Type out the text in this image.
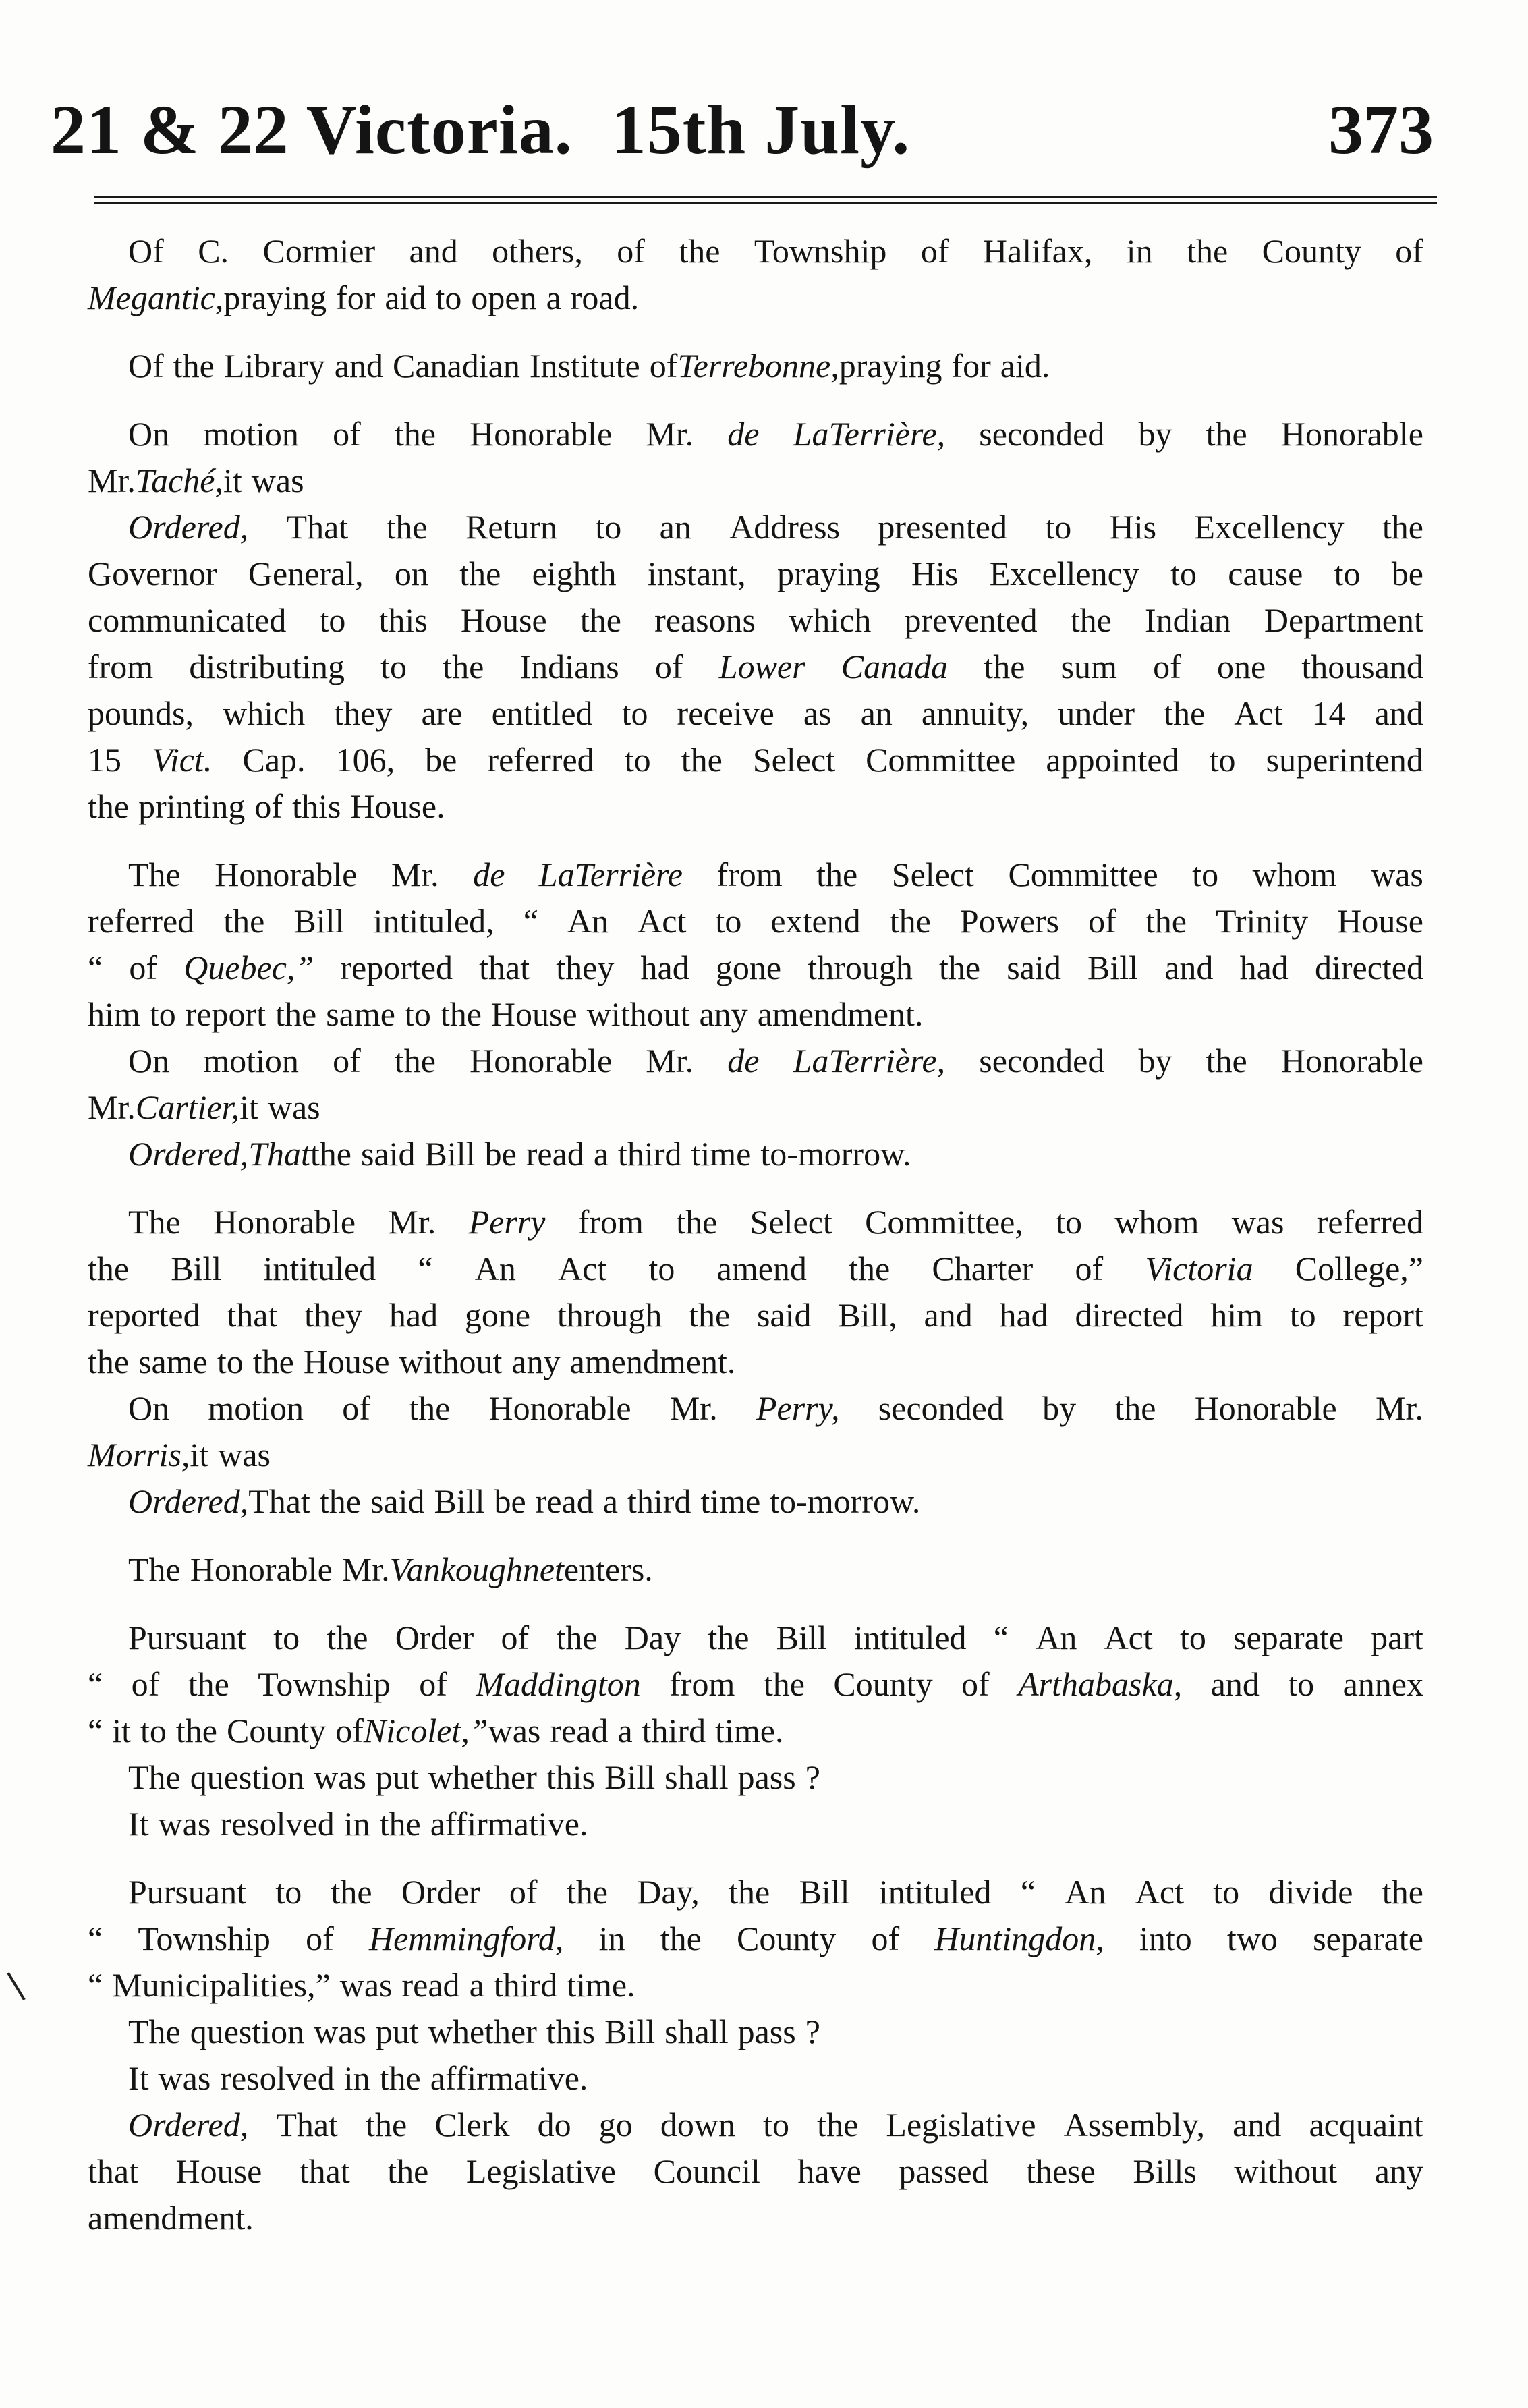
21 & 22 Victoria. 15th July.	373
Of C. Cormier and others, of the Township of Halifax, in the County of
Megantic, praying for aid to open a road.
Of the Library and Canadian Institute of Terrebonne, praying for aid.
On motion of the Honorable Mr. de LaTerrière, seconded by the Honorable
Mr. Taché, it was
Ordered, That the Return to an Address presented to His Excellency the
Governor General, on the eighth instant, praying His Excellency to cause to be
communicated to this House the reasons which prevented the Indian Department
from distributing to the Indians of Lower Canada the sum of one thousand
pounds, which they are entitled to receive as an annuity, under the Act 14 and
15 Vict. Cap. 106, be referred to the Select Committee appointed to superintend
the printing of this House.
The Honorable Mr. de LaTerrière from the Select Committee to whom was
referred the Bill intituled, “ An Act to extend the Powers of the Trinity House
“ of Quebec,” reported that they had gone through the said Bill and had directed
him to report the same to the House without any amendment.
On motion of the Honorable Mr. de LaTerrière, seconded by the Honorable
Mr. Cartier, it was
Ordered,That the said Bill be read a third time to-morrow.
The Honorable Mr. Perry from the Select Committee, to whom was referred
the Bill intituled “ An Act to amend the Charter of Victoria College,”
reported that they had gone through the said Bill, and had directed him to report
the same to the House without any amendment.
On motion of the Honorable Mr. Perry, seconded by the Honorable Mr.
Morris, it was
Ordered, That the said Bill be read a third time to-morrow.
The Honorable Mr. Vankoughnet enters.
Pursuant to the Order of the Day the Bill intituled “ An Act to separate part
“ of the Township of Maddington from the County of Arthabaska, and to annex
“ it to the County of Nicolet,” was read a third time.
The question was put whether this Bill shall pass ?
It was resolved in the affirmative.
Pursuant to the Order of the Day, the Bill intituled “ An Act to divide the
“ Township of Hemmingford, in the County of Huntingdon, into two separate
“ Municipalities,” was read a third time.
The question was put whether this Bill shall pass ?
It was resolved in the affirmative.
Ordered, That the Clerk do go down to the Legislative Assembly, and acquaint
that House that the Legislative Council have passed these Bills without any
amendment.
